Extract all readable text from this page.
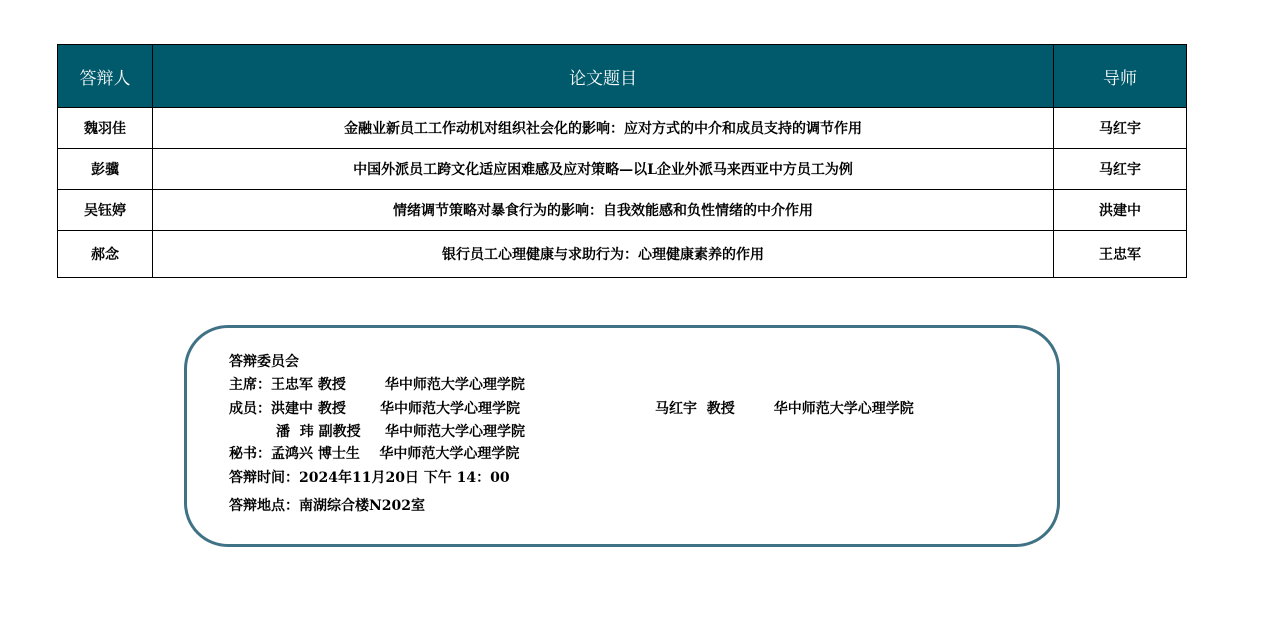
答辩人	论文题目	导师
魏羽佳	金融业新员工工作动机对组织社会化的影响：应对方式的中介和成员支持的调节作用	马红宇
彭骥	中国外派员工跨文化适应困难感及应对策略—以L企业外派马来西亚中方员工为例	马红宇
吴钰婷	情绪调节策略对暴食行为的影响：自我效能感和负性情绪的中介作用	洪建中
郝念	银行员工心理健康与求助行为：心理健康素养的作用	王忠军
答辩委员会
主席：王忠军 教授        华中师范大学心理学院
成员：洪建中 教授       华中师范大学心理学院	马红宇  教授        华中师范大学心理学院
潘  玮 副教授     华中师范大学心理学院
秘书：孟鸿兴 博士生    华中师范大学心理学院
答辩时间：2024年11月20日 下午 14：00
答辩地点：南湖综合楼N202室
